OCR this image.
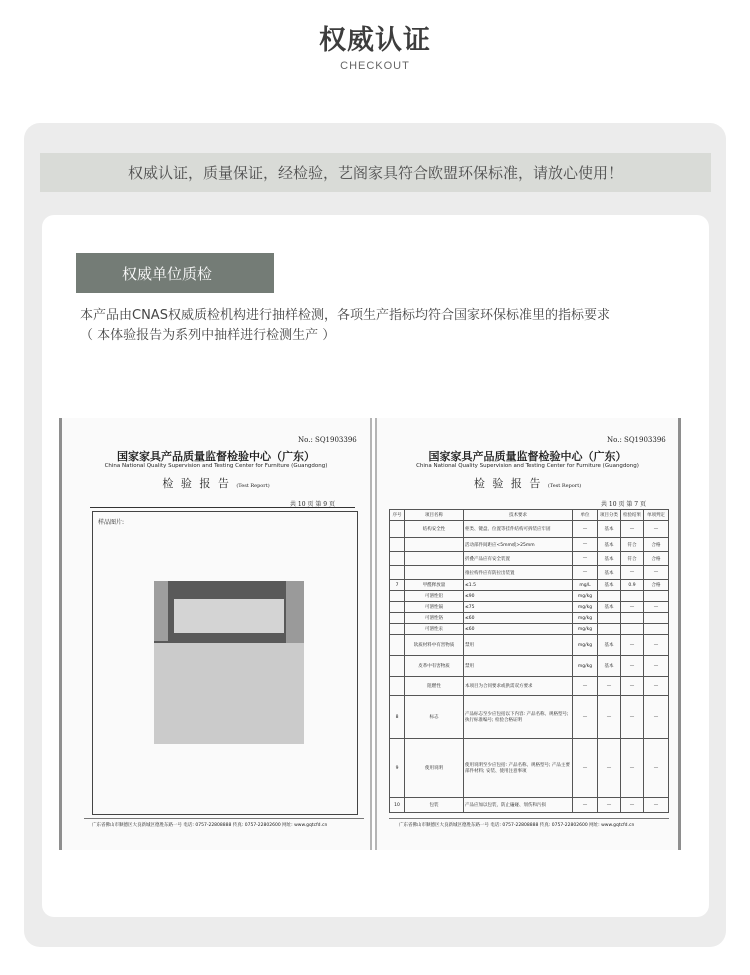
权威认证
CHECKOUT
权威认证，质量保证，经检验，艺阁家具符合欧盟环保标准，请放心使用！
权威单位质检
本产品由CNAS权威质检机构进行抽样检测，各项生产指标均符合国家环保标准里的指标要求
（ 本体验报告为系列中抽样进行检测生产 ）
No.: SQ1903396
国家家具产品质量监督检验中心（广东）
China National Quality Supervision and Testing Center for Furniture (Guangdong)
检 验 报 告 (Test Report)
共 10 页 第 9 页
样品图片:
广东省佛山市顺德区大良新城区德胜东路一号 电话: 0757-22808888 传真: 0757-22802600 网址: www.gqtcfd.cn
No.: SQ1903396
国家家具产品质量监督检验中心（广东）
China National Quality Supervision and Testing Center for Furniture (Guangdong)
检 验 报 告 (Test Report)
共 10 页 第 7 页
序号	项目名称	技术要求	单位	项目分类	检验结果	单项判定
	结构安全性	柜类、键盘、位置等挂件结构可拆装应牢固	—	基本	—	—
		活动部件间距应<5mm或>25mm	—	基本	符合	合格
		折叠产品应有安全装置	—	基本	符合	合格
		推拉构件应有防拉出装置	—	基本	—	—
7	甲醛释放量	≤1.5	mg/L	基本	0.9	合格
	可溶性铅	≤90	mg/kg			
	可溶性镉	≤75	mg/kg	基本	—	—
	可溶性铬	≤60	mg/kg			
	可溶性汞	≤60	mg/kg			
	软质材料中有害物质	禁用	mg/kg	基本	—	—
	皮革中有害物质	禁用	mg/kg	基本	—	—
	阻燃性	本项目为合同要求或供需双方要求	—	—	—	—
8	标志	产品标志至少应包括以下内容: 产品名称、规格型号; 执行标准编号; 检验合格证明	—	—	—	—
9	使用说明	使用说明至少应包括: 产品名称、规格型号; 产品主要部件材料; 安装、使用注意事项	—	—	—	—
10	包装	产品应加以包装，防止磕碰、划伤和污损	—	—	—	—
广东省佛山市顺德区大良新城区德胜东路一号 电话: 0757-22808888 传真: 0757-22802600 网址: www.gqtcfd.cn
